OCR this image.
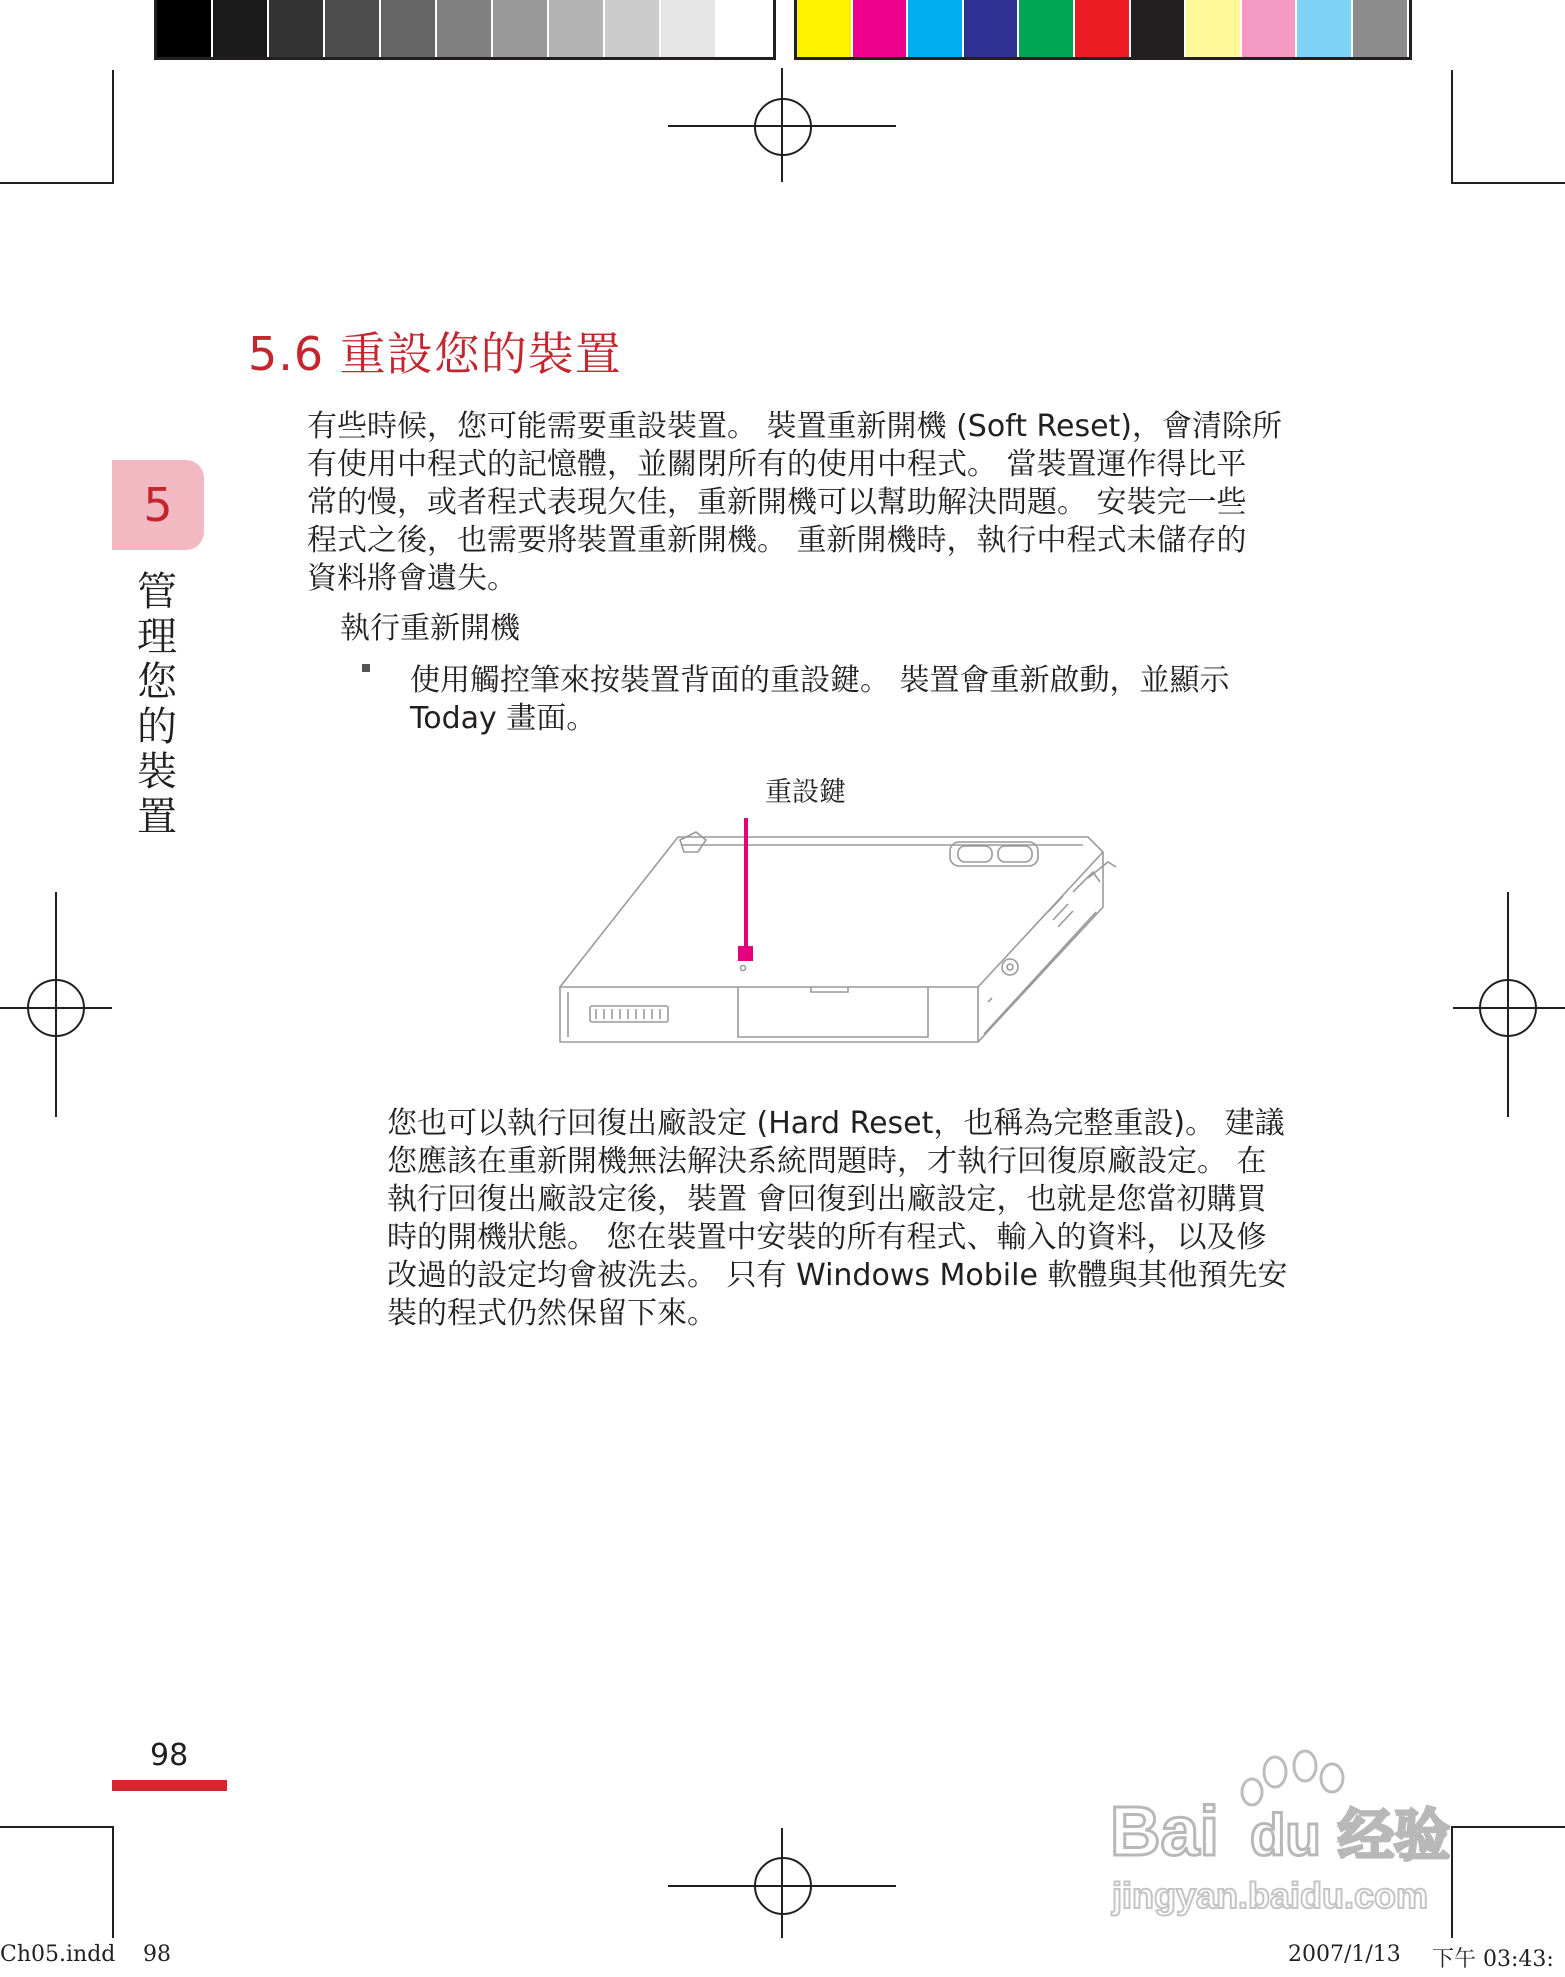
5
管
理
您
的
裝
置
5.6 重設您的裝置
有些時候，您可能需要重設裝置。 裝置重新開機 (Soft Reset)，會清除所
有使用中程式的記憶體，並關閉所有的使用中程式。 當裝置運作得比平
常的慢，或者程式表現欠佳，重新開機可以幫助解決問題。 安裝完一些
程式之後，也需要將裝置重新開機。 重新開機時，執行中程式未儲存的
資料將會遺失。
執行重新開機
使用觸控筆來按裝置背面的重設鍵。 裝置會重新啟動，並顯示
Today 畫面。
重設鍵
您也可以執行回復出廠設定 (Hard Reset，也稱為完整重設)。 建議
您應該在重新開機無法解決系統問題時，才執行回復原廠設定。 在
執行回復出廠設定後，裝置 會回復到出廠設定，也就是您當初購買
時的開機狀態。 您在裝置中安裝的所有程式、輸入的資料，以及修
改過的設定均會被洗去。 只有 Windows Mobile 軟體與其他預先安
裝的程式仍然保留下來。
98
Ch05.indd 98	2007/1/13 下午 03:43:
Bai du 经验
jingyan.baidu.com
